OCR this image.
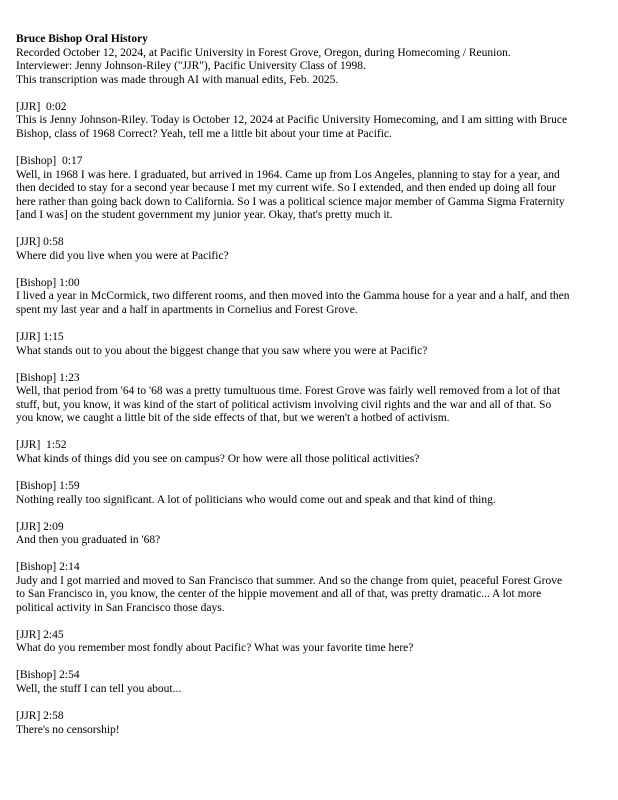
Bruce Bishop Oral History
Recorded October 12, 2024, at Pacific University in Forest Grove, Oregon, during Homecoming / Reunion.
Interviewer: Jenny Johnson-Riley ("JJR"), Pacific University Class of 1998.
This transcription was made through AI with manual edits, Feb. 2025.
[JJR]  0:02
This is Jenny Johnson-Riley. Today is October 12, 2024 at Pacific University Homecoming, and I am sitting with Bruce
Bishop, class of 1968 Correct? Yeah, tell me a little bit about your time at Pacific.
[Bishop]  0:17
Well, in 1968 I was here. I graduated, but arrived in 1964. Came up from Los Angeles, planning to stay for a year, and
then decided to stay for a second year because I met my current wife. So I extended, and then ended up doing all four
here rather than going back down to California. So I was a political science major member of Gamma Sigma Fraternity
[and I was] on the student government my junior year. Okay, that's pretty much it.
[JJR] 0:58
Where did you live when you were at Pacific?
[Bishop] 1:00
I lived a year in McCormick, two different rooms, and then moved into the Gamma house for a year and a half, and then
spent my last year and a half in apartments in Cornelius and Forest Grove.
[JJR] 1:15
What stands out to you about the biggest change that you saw where you were at Pacific?
[Bishop] 1:23
Well, that period from '64 to '68 was a pretty tumultuous time. Forest Grove was fairly well removed from a lot of that
stuff, but, you know, it was kind of the start of political activism involving civil rights and the war and all of that. So
you know, we caught a little bit of the side effects of that, but we weren't a hotbed of activism.
[JJR]  1:52
What kinds of things did you see on campus? Or how were all those political activities?
[Bishop] 1:59
Nothing really too significant. A lot of politicians who would come out and speak and that kind of thing.
[JJR] 2:09
And then you graduated in '68?
[Bishop] 2:14
Judy and I got married and moved to San Francisco that summer. And so the change from quiet, peaceful Forest Grove
to San Francisco in, you know, the center of the hippie movement and all of that, was pretty dramatic... A lot more
political activity in San Francisco those days.
[JJR] 2:45
What do you remember most fondly about Pacific? What was your favorite time here?
[Bishop] 2:54
Well, the stuff I can tell you about...
[JJR] 2:58
There's no censorship!
